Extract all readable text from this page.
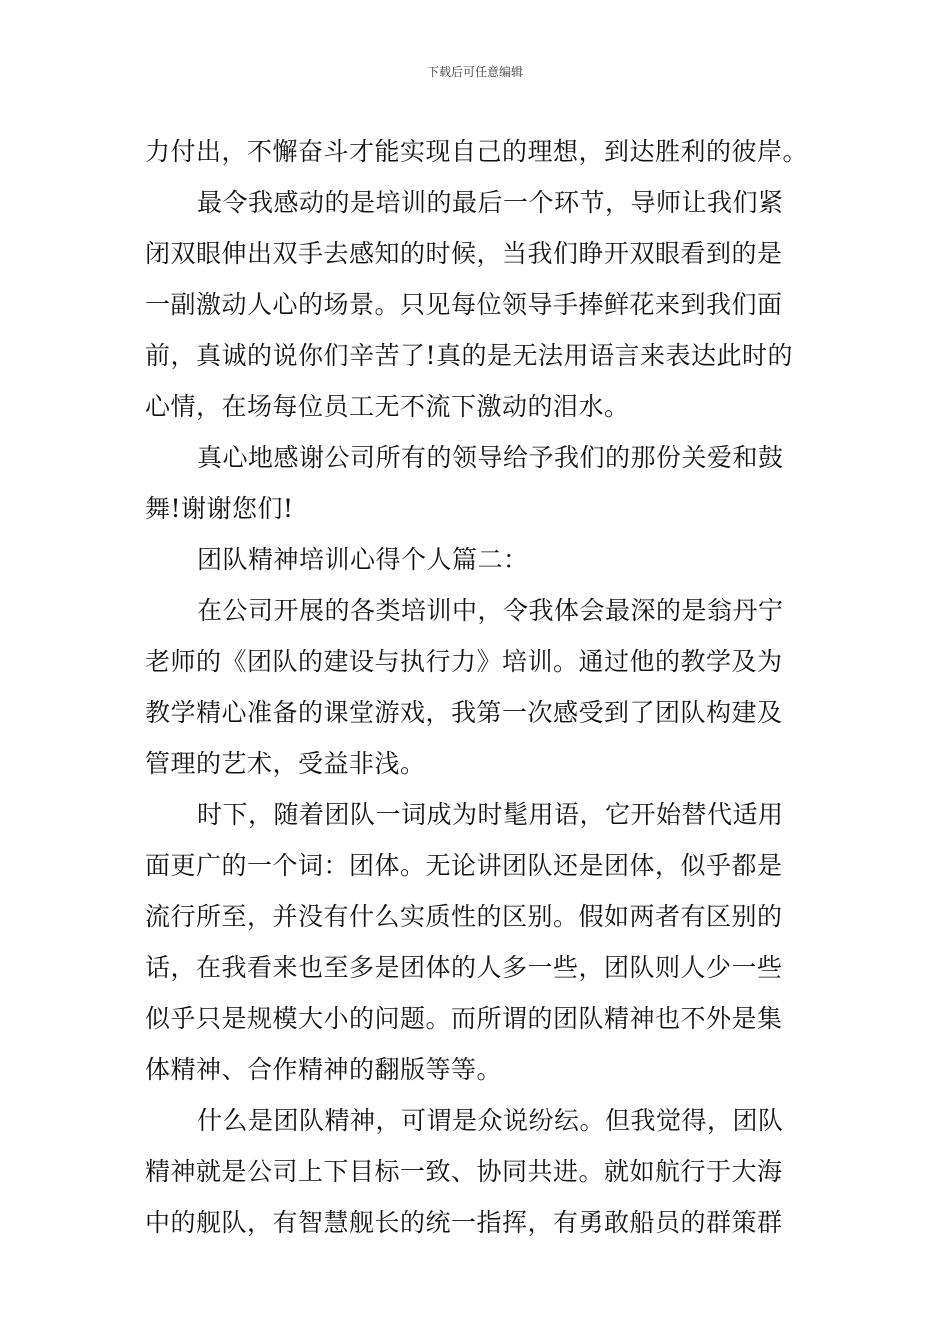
下载后可任意编辑
力付出，不懈奋斗才能实现自己的理想，到达胜利的彼岸。
最令我感动的是培训的最后一个环节，导师让我们紧
闭双眼伸出双手去感知的时候，当我们睁开双眼看到的是
一副激动人心的场景。只见每位领导手捧鲜花来到我们面
前，真诚的说你们辛苦了!真的是无法用语言来表达此时的
心情，在场每位员工无不流下激动的泪水。
真心地感谢公司所有的领导给予我们的那份关爱和鼓
舞!谢谢您们!
团队精神培训心得个人篇二：
在公司开展的各类培训中，令我体会最深的是翁丹宁
老师的《团队的建设与执行力》培训。通过他的教学及为
教学精心准备的课堂游戏，我第一次感受到了团队构建及
管理的艺术，受益非浅。
时下，随着团队一词成为时髦用语，它开始替代适用
面更广的一个词：团体。无论讲团队还是团体，似乎都是
流行所至，并没有什么实质性的区别。假如两者有区别的
话，在我看来也至多是团体的人多一些，团队则人少一些
似乎只是规模大小的问题。而所谓的团队精神也不外是集
体精神、合作精神的翻版等等。
什么是团队精神，可谓是众说纷纭。但我觉得，团队
精神就是公司上下目标一致、协同共进。就如航行于大海
中的舰队，有智慧舰长的统一指挥，有勇敢船员的群策群
